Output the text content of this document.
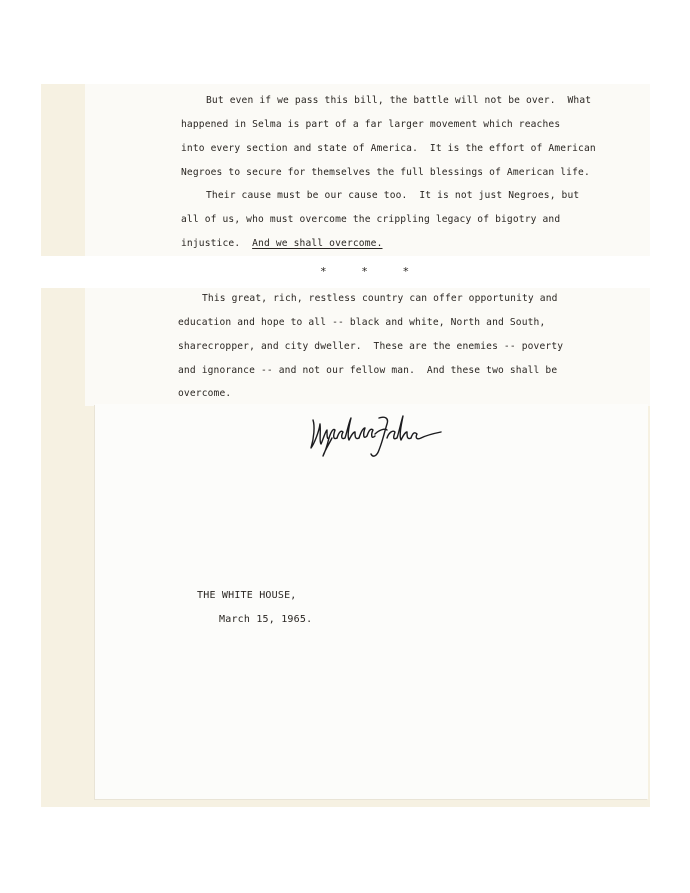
But even if we pass this bill, the battle will not be over.  What

happened in Selma is part of a far larger movement which reaches

into every section and state of America.  It is the effort of American

Negroes to secure for themselves the full blessings of American life.

Their cause must be our cause too.  It is not just Negroes, but

all of us, who must overcome the crippling legacy of bigotry and

injustice.  And we shall overcome.

* * *

This great, rich, restless country can offer opportunity and

education and hope to all -- black and white, North and South,

sharecropper, and city dweller.  These are the enemies -- poverty

and ignorance -- and not our fellow man.  And these two shall be

overcome.

THE WHITE HOUSE,
March 15, 1965.
